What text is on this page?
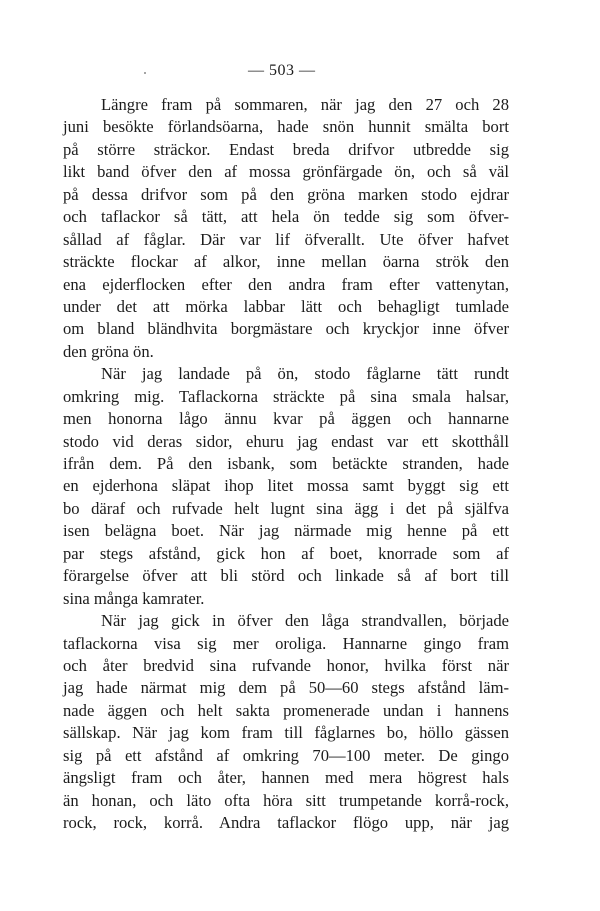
— 503 —
Längre fram på sommaren, när jag den 27 och 28
juni besökte förlandsöarna, hade snön hunnit smälta bort
på större sträckor. Endast breda drifvor utbredde sig
likt band öfver den af mossa grönfärgade ön, och så väl
på dessa drifvor som på den gröna marken stodo ejdrar
och taflackor så tätt, att hela ön tedde sig som öfver-
sållad af fåglar. Där var lif öfverallt. Ute öfver hafvet
sträckte flockar af alkor, inne mellan öarna strök den
ena ejderflocken efter den andra fram efter vattenytan,
under det att mörka labbar lätt och behagligt tumlade
om bland bländhvita borgmästare och kryckjor inne öfver
den gröna ön.
När jag landade på ön, stodo fåglarne tätt rundt
omkring mig. Taflackorna sträckte på sina smala halsar,
men honorna lågo ännu kvar på äggen och hannarne
stodo vid deras sidor, ehuru jag endast var ett skotthåll
ifrån dem. På den isbank, som betäckte stranden, hade
en ejderhona släpat ihop litet mossa samt byggt sig ett
bo däraf och rufvade helt lugnt sina ägg i det på själfva
isen belägna boet. När jag närmade mig henne på ett
par stegs afstånd, gick hon af boet, knorrade som af
förargelse öfver att bli störd och linkade så af bort till
sina många kamrater.
När jag gick in öfver den låga strandvallen, började
taflackorna visa sig mer oroliga. Hannarne gingo fram
och åter bredvid sina rufvande honor, hvilka först när
jag hade närmat mig dem på 50—60 stegs afstånd läm-
nade äggen och helt sakta promenerade undan i hannens
sällskap. När jag kom fram till fåglarnes bo, höllo gässen
sig på ett afstånd af omkring 70—100 meter. De gingo
ängsligt fram och åter, hannen med mera högrest hals
än honan, och läto ofta höra sitt trumpetande korrå-rock,
rock, rock, korrå. Andra taflackor flögo upp, när jag
